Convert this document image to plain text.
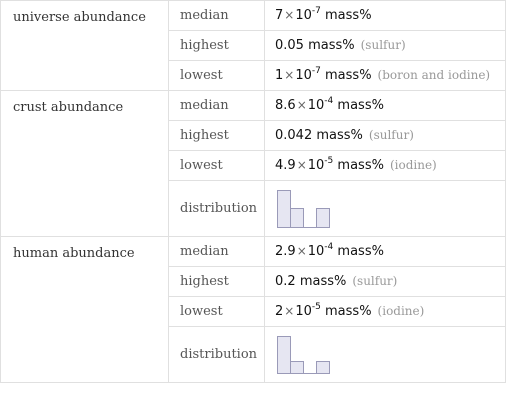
universe abundance	median	$7\times 10^{-7}$ mass%
	highest	0.05 mass% (sulfur)
	lowest	$1\times 10^{-7}$ mass% (boron and iodine)
crust abundance	median	$8.6\times 10^{-4}$ mass%
	highest	0.042 mass% (sulfur)
	lowest	$4.9\times 10^{-5}$ mass% (iodine)
	distribution	

human abundance	median	$2.9\times 10^{-4}$ mass%
	highest	0.2 mass% (sulfur)
	lowest	$2\times 10^{-5}$ mass% (iodine)
	distribution	
